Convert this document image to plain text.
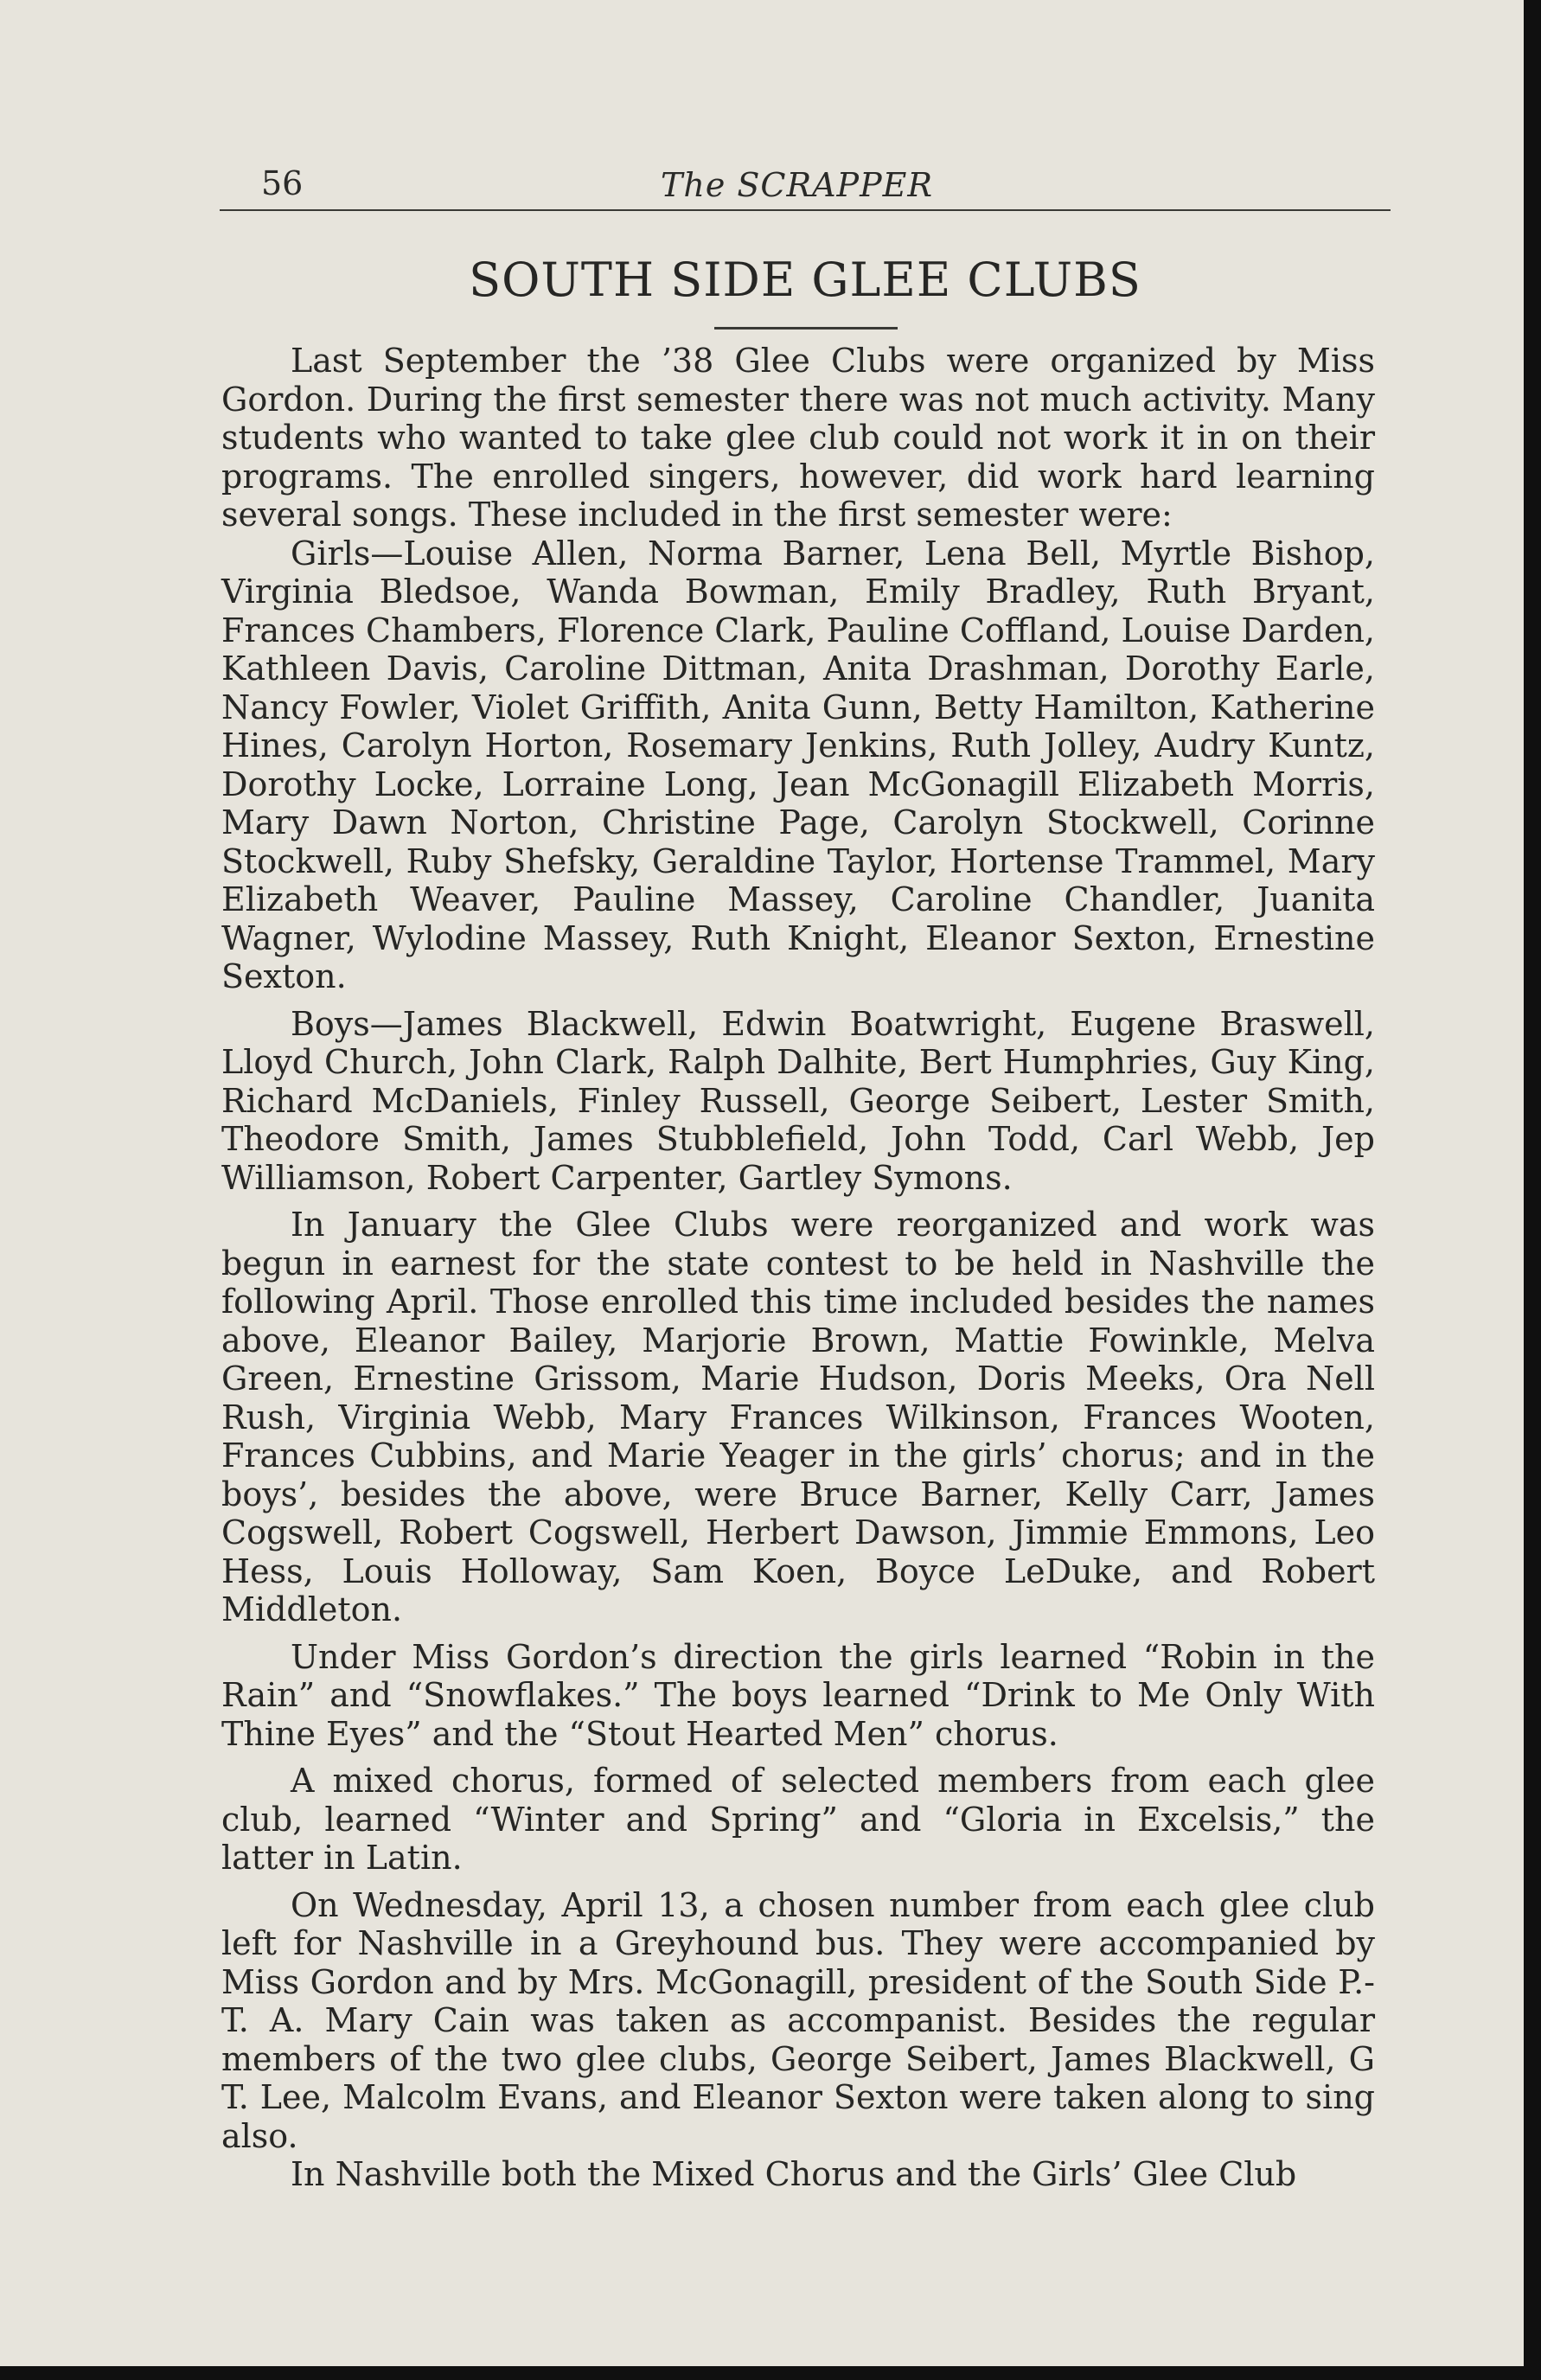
56	The SCRAPPER
SOUTH SIDE GLEE CLUBS

Last September the ’38 Glee Clubs were organized by Miss Gordon. During the first semester there was not much activity. Many students who wanted to take glee club could not work it in on their programs. The enrolled singers, however, did work hard learning several songs. These included in the first semester were:

Girls—Louise Allen, Norma Barner, Lena Bell, Myrtle Bishop, Virginia Bledsoe, Wanda Bowman, Emily Bradley, Ruth Bryant, Frances Chambers, Florence Clark, Pauline Coffland, Louise Darden, Kathleen Davis, Caroline Dittman, Anita Drashman, Dorothy Earle, Nancy Fowler, Violet Griffith, Anita Gunn, Betty Hamilton, Katherine Hines, Carolyn Horton, Rosemary Jenkins, Ruth Jolley, Audry Kuntz, Dorothy Locke, Lorraine Long, Jean McGonagill Elizabeth Morris, Mary Dawn Norton, Christine Page, Carolyn Stockwell, Corinne Stockwell, Ruby Shefsky, Geraldine Taylor, Hortense Trammel, Mary Elizabeth Weaver, Pauline Massey, Caroline Chandler, Juanita Wagner, Wylodine Massey, Ruth Knight, Eleanor Sexton, Ernestine Sexton.

Boys—James Blackwell, Edwin Boatwright, Eugene Braswell, Lloyd Church, John Clark, Ralph Dalhite, Bert Humphries, Guy King, Richard McDaniels, Finley Russell, George Seibert, Lester Smith, Theodore Smith, James Stubblefield, John Todd, Carl Webb, Jep Williamson, Robert Carpenter, Gartley Symons.

In January the Glee Clubs were reorganized and work was begun in earnest for the state contest to be held in Nashville the following April. Those enrolled this time included besides the names above, Eleanor Bailey, Marjorie Brown, Mattie Fowinkle, Melva Green, Ernestine Grissom, Marie Hudson, Doris Meeks, Ora Nell Rush, Virginia Webb, Mary Frances Wilkinson, Frances Wooten, Frances Cubbins, and Marie Yeager in the girls’ chorus; and in the boys’, besides the above, were Bruce Barner, Kelly Carr, James Cogswell, Robert Cogswell, Herbert Dawson, Jimmie Emmons, Leo Hess, Louis Holloway, Sam Koen, Boyce LeDuke, and Robert Middleton.

Under Miss Gordon’s direction the girls learned “Robin in the Rain” and “Snowflakes.” The boys learned “Drink to Me Only With Thine Eyes” and the “Stout Hearted Men” chorus.

A mixed chorus, formed of selected members from each glee club, learned “Winter and Spring” and “Gloria in Excelsis,” the latter in Latin.

On Wednesday, April 13, a chosen number from each glee club left for Nashville in a Greyhound bus. They were accompanied by Miss Gordon and by Mrs. McGonagill, president of the South Side P.-T. A. Mary Cain was taken as accompanist. Besides the regular members of the two glee clubs, George Seibert, James Blackwell, G T. Lee, Malcolm Evans, and Eleanor Sexton were taken along to sing also.

In Nashville both the Mixed Chorus and the Girls’ Glee Club
